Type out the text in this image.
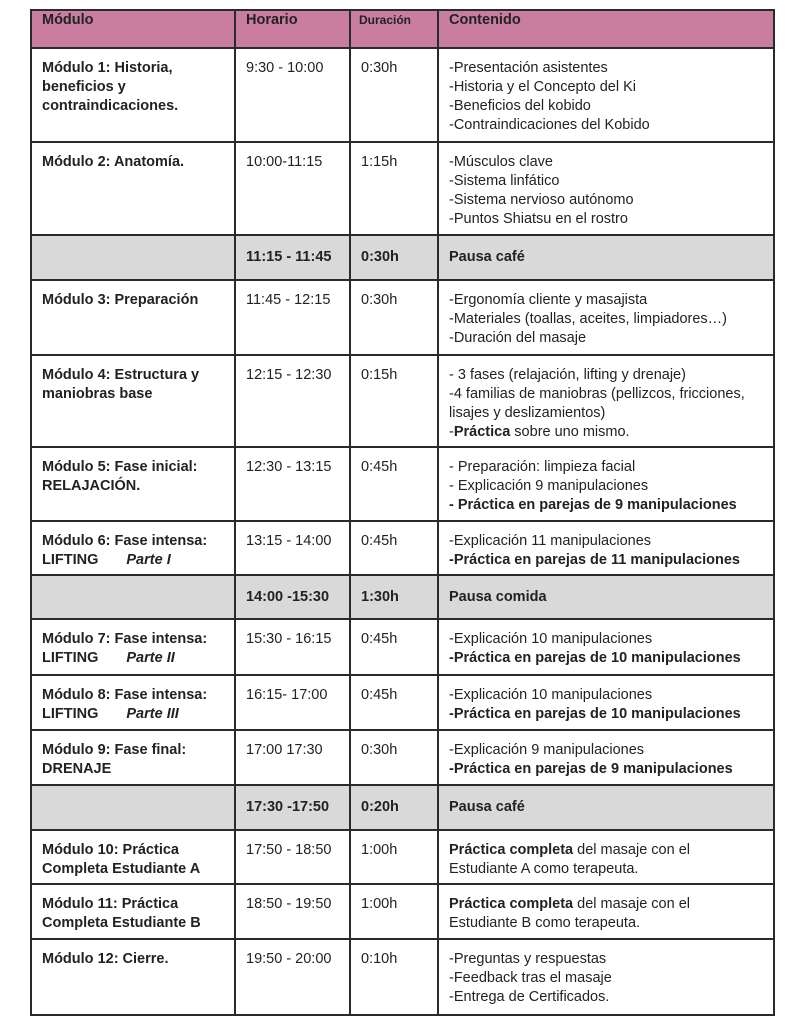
Módulo	Horario	Duración	Contenido

Módulo 1: Historia,
beneficios y
contraindicaciones.	9:30 - 10:00	0:30h	-Presentación asistentes
-Historia y el Concepto del Ki
-Beneficios del kobido
-Contraindicaciones del Kobido

Módulo 2: Anatomía.	10:00-11:15	1:15h	-Músculos clave
-Sistema linfático
-Sistema nervioso autónomo
-Puntos Shiatsu en el rostro

	11:15 - 11:45	0:30h	Pausa café

Módulo 3: Preparación	11:45 - 12:15	0:30h	-Ergonomía cliente y masajista
-Materiales (toallas, aceites, limpiadores…)
-Duración del masaje

Módulo 4: Estructura y
maniobras base	12:15 - 12:30	0:15h	- 3 fases (relajación, lifting y drenaje)
-4 familias de maniobras (pellizcos, fricciones,
lisajes y deslizamientos)
-Práctica sobre uno mismo.

Módulo 5: Fase inicial:
RELAJACIÓN.	12:30 - 13:15	0:45h	- Preparación: limpieza facial
- Explicación 9 manipulaciones
- Práctica en parejas de 9 manipulaciones

Módulo 6: Fase intensa:
LIFTING Parte I	13:15 - 14:00	0:45h	-Explicación 11 manipulaciones
-Práctica en parejas de 11 manipulaciones

	14:00 -15:30	1:30h	Pausa comida

Módulo 7: Fase intensa:
LIFTING Parte II	15:30 - 16:15	0:45h	-Explicación 10 manipulaciones
-Práctica en parejas de 10 manipulaciones

Módulo 8: Fase intensa:
LIFTING Parte III	16:15- 17:00	0:45h	-Explicación 10 manipulaciones
-Práctica en parejas de 10 manipulaciones

Módulo 9: Fase final:
DRENAJE	17:00 17:30	0:30h	-Explicación 9 manipulaciones
-Práctica en parejas de 9 manipulaciones

	17:30 -17:50	0:20h	Pausa café

Módulo 10: Práctica
Completa Estudiante A	17:50 - 18:50	1:00h	Práctica completa del masaje con el
Estudiante A como terapeuta.

Módulo 11: Práctica
Completa Estudiante B	18:50 - 19:50	1:00h	Práctica completa del masaje con el
Estudiante B como terapeuta.

Módulo 12: Cierre.	19:50 - 20:00	0:10h	-Preguntas y respuestas
-Feedback tras el masaje
-Entrega de Certificados.
